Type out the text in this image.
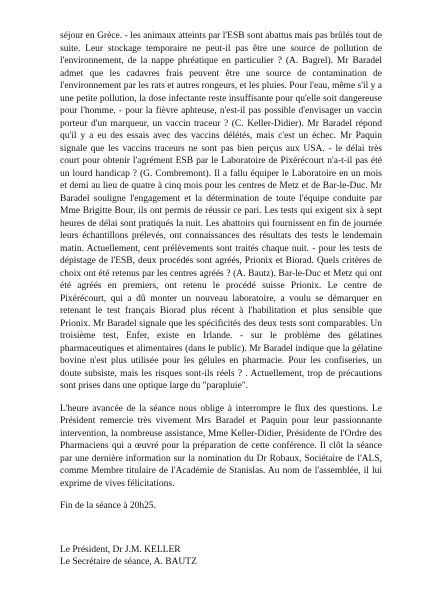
séjour en Grèce. - les animaux atteints par l'ESB sont abattus mais pas brûlés tout de suite. Leur stockage temporaire ne peut-il pas être une source de pollution de l'environnement, de la nappe phréatique en particulier ? (A. Bagrel). Mr Baradel admet que les cadavres frais peuvent être une source de contamination de l'environnement par les rats et autres rongeurs, et les pluies. Pour l'eau, même s'il y a une petite pollution, la dose infectante reste insuffisante pour qu'elle soit dangereuse pour l'homme. - pour la fièvre aphteuse, n'est-il pas possible d'envisager un vaccin porteur d'un marqueur, un vaccin traceur ? (C. Keller-Didier). Mr Baradel répond qu'il y a eu des essais avec des vaccins délétés, mais c'est un échec. Mr Paquin signale que les vaccins traceurs ne sont pas bien perçus aux USA. - le délai très court pour obtenir l'agrément ESB par le Laboratoire de Pixérécourt n'a-t-il pas été un lourd handicap ? (G. Combremont). Il a fallu équiper le Laboratoire en un mois et demi au lieu de quatre à cinq mois pour les centres de Metz et de Bar-le-Duc. Mr Baradel souligne l'engagement et la détermination de toute l'équipe conduite par Mme Brigitte Bour, ils ont permis de réussir ce pari. Les tests qui exigent six à sept heures de délai sont pratiqués la nuit. Les abattoirs qui fournissent en fin de journée leurs échantillons prélevés, ont connaissances des résultats des tests le lendemain matin. Actuellement, cent prélèvements sont traités chaque nuit. - pour les tests de dépistage de l'ESB, deux procédés sont agréés, Prionix et Biorad. Quels critères de choix ont été retenus par les centres agréés ? (A. Bautz). Bar-le-Duc et Metz qui ont été agréés en premiers, ont retenu le procédé suisse Prionix. Le centre de Pixérécourt, qui a dû monter un nouveau laboratoire, a voulu se démarquer en retenant le test français Biorad plus récent à l'habilitation et plus sensible que Prionix. Mr Baradel signale que les spécificités des deux tests sont comparables. Un troisième test, Enfer, existe en Irlande. - sur le problème des gélatines pharmaceutiques et alimentaires (dans le public). Mr Baradel indique que la gélatine bovine n'est plus utilisée pour les gélules en pharmacie. Pour les confiseries, un doute subsiste, mais les risques sont-ils réels ? . Actuellement, trop de précautions sont prises dans une optique large du "parapluie".

L'heure avancée de la séance nous oblige à interrompre le flux des questions. Le Président remercie très vivement Mrs Baradel et Paquin pour leur passionnante intervention, la nombreuse assistance, Mme Keller-Didier, Présidente de l'Ordre des Pharmaciens qui a œuvré pour la préparation de cette conférence. Il clôt la séance par une dernière information sur la nomination du Dr Robaux, Sociétaire de l'ALS, comme Membre titulaire de l'Académie de Stanislas. Au nom de l'assemblée, il lui exprime de vives félicitations.

Fin de la séance à 20h25.

Le Président, Dr J.M. KELLER

Le Secrétaire de séance, A. BAUTZ
